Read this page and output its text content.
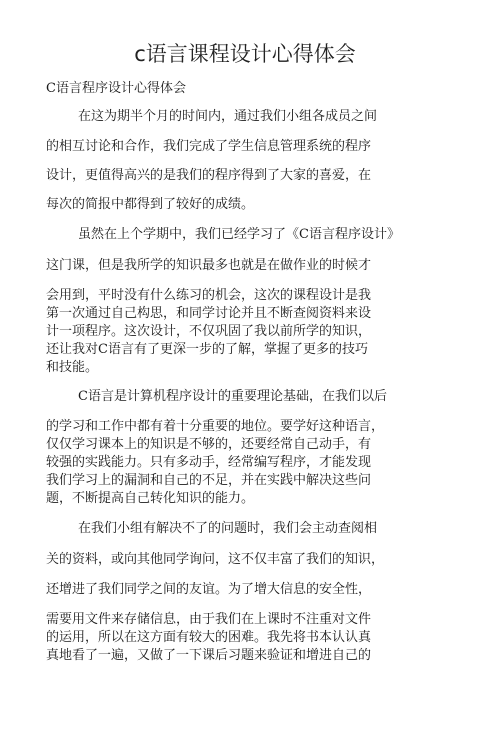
c语言课程设计心得体会
C语言程序设计心得体会
在这为期半个月的时间内，通过我们小组各成员之间
的相互讨论和合作，我们完成了学生信息管理系统的程序
设计，更值得高兴的是我们的程序得到了大家的喜爱，在
每次的简报中都得到了较好的成绩。
虽然在上个学期中，我们已经学习了《C语言程序设计》
这门课，但是我所学的知识最多也就是在做作业的时候才
会用到，平时没有什么练习的机会，这次的课程设计是我
第一次通过自己构思，和同学讨论并且不断查阅资料来设
计一项程序。这次设计，不仅巩固了我以前所学的知识，
还让我对C语言有了更深一步的了解，掌握了更多的技巧
和技能。
C语言是计算机程序设计的重要理论基础，在我们以后
的学习和工作中都有着十分重要的地位。要学好这种语言，
仅仅学习课本上的知识是不够的，还要经常自己动手，有
较强的实践能力。只有多动手，经常编写程序，才能发现
我们学习上的漏洞和自己的不足，并在实践中解决这些问
题，不断提高自己转化知识的能力。
在我们小组有解决不了的问题时，我们会主动查阅相
关的资料，或向其他同学询问，这不仅丰富了我们的知识，
还增进了我们同学之间的友谊。为了增大信息的安全性，
需要用文件来存储信息，由于我们在上课时不注重对文件
的运用，所以在这方面有较大的困难。我先将书本认认真
真地看了一遍，又做了一下课后习题来验证和增进自己的
